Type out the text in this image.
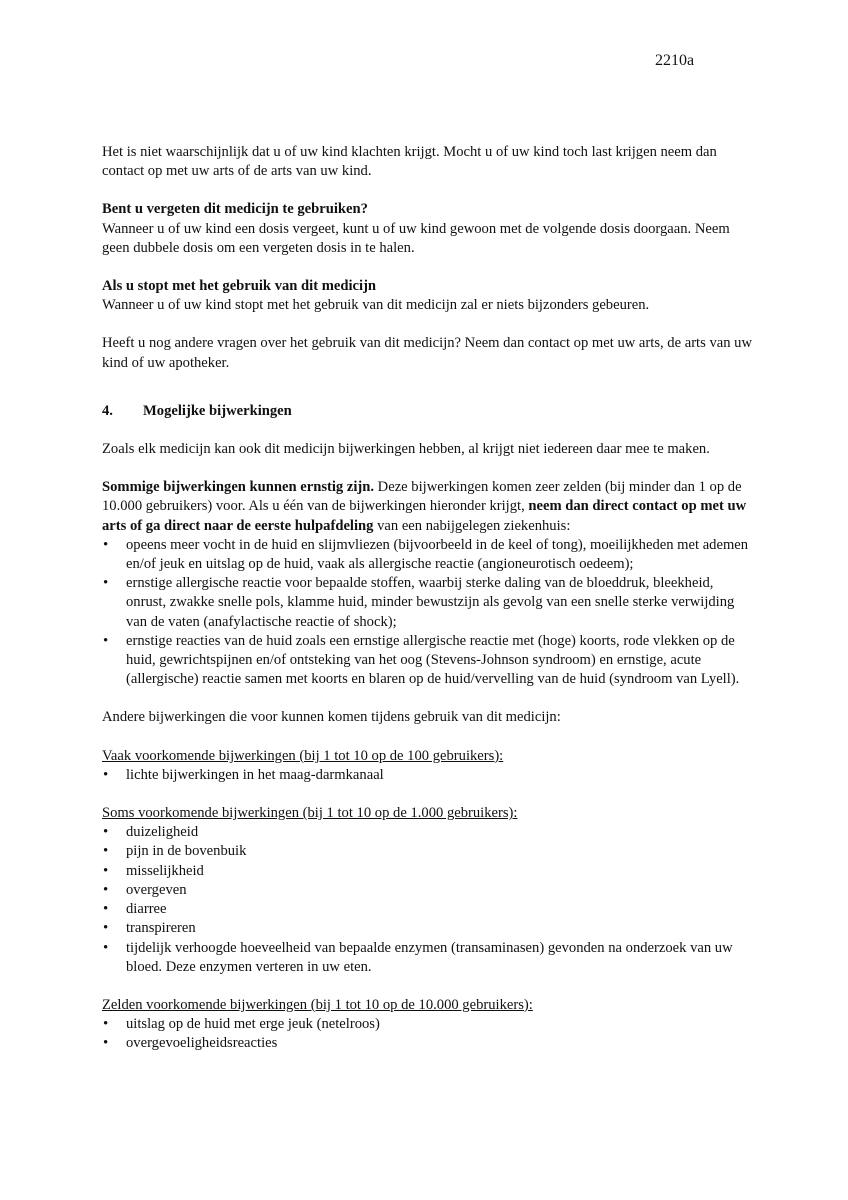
2210a

Het is niet waarschijnlijk dat u of uw kind klachten krijgt. Mocht u of uw kind toch last krijgen neem dan contact op met uw arts of de arts van uw kind.

Bent u vergeten dit medicijn te gebruiken?

Wanneer u of uw kind een dosis vergeet, kunt u of uw kind gewoon met de volgende dosis doorgaan. Neem geen dubbele dosis om een vergeten dosis in te halen.

Als u stopt met het gebruik van dit medicijn

Wanneer u of uw kind stopt met het gebruik van dit medicijn zal er niets bijzonders gebeuren.

Heeft u nog andere vragen over het gebruik van dit medicijn? Neem dan contact op met uw arts, de arts van uw kind of uw apotheker.

4.	Mogelijke bijwerkingen

Zoals elk medicijn kan ook dit medicijn bijwerkingen hebben, al krijgt niet iedereen daar mee te maken.

Sommige bijwerkingen kunnen ernstig zijn. Deze bijwerkingen komen zeer zelden (bij minder dan 1 op de 10.000 gebruikers) voor. Als u één van de bijwerkingen hieronder krijgt, neem dan direct contact op met uw arts of ga direct naar de eerste hulpafdeling van een nabijgelegen ziekenhuis:

• opeens meer vocht in de huid en slijmvliezen (bijvoorbeeld in de keel of tong), moeilijkheden met ademen en/of jeuk en uitslag op de huid, vaak als allergische reactie (angioneurotisch oedeem);
• ernstige allergische reactie voor bepaalde stoffen, waarbij sterke daling van de bloeddruk, bleekheid, onrust, zwakke snelle pols, klamme huid, minder bewustzijn als gevolg van een snelle sterke verwijding van de vaten (anafylactische reactie of shock);
• ernstige reacties van de huid zoals een ernstige allergische reactie met (hoge) koorts, rode vlekken op de huid, gewrichtspijnen en/of ontsteking van het oog (Stevens-Johnson syndroom) en ernstige, acute (allergische) reactie samen met koorts en blaren op de huid/vervelling van de huid (syndroom van Lyell).

Andere bijwerkingen die voor kunnen komen tijdens gebruik van dit medicijn:

Vaak voorkomende bijwerkingen (bij 1 tot 10 op de 100 gebruikers):

• lichte bijwerkingen in het maag-darmkanaal

Soms voorkomende bijwerkingen (bij 1 tot 10 op de 1.000 gebruikers):

• duizeligheid
• pijn in de bovenbuik
• misselijkheid
• overgeven
• diarree
• transpireren
• tijdelijk verhoogde hoeveelheid van bepaalde enzymen (transaminasen) gevonden na onderzoek van uw bloed. Deze enzymen verteren in uw eten.

Zelden voorkomende bijwerkingen (bij 1 tot 10 op de 10.000 gebruikers):

• uitslag op de huid met erge jeuk (netelroos)
• overgevoeligheidsreacties
